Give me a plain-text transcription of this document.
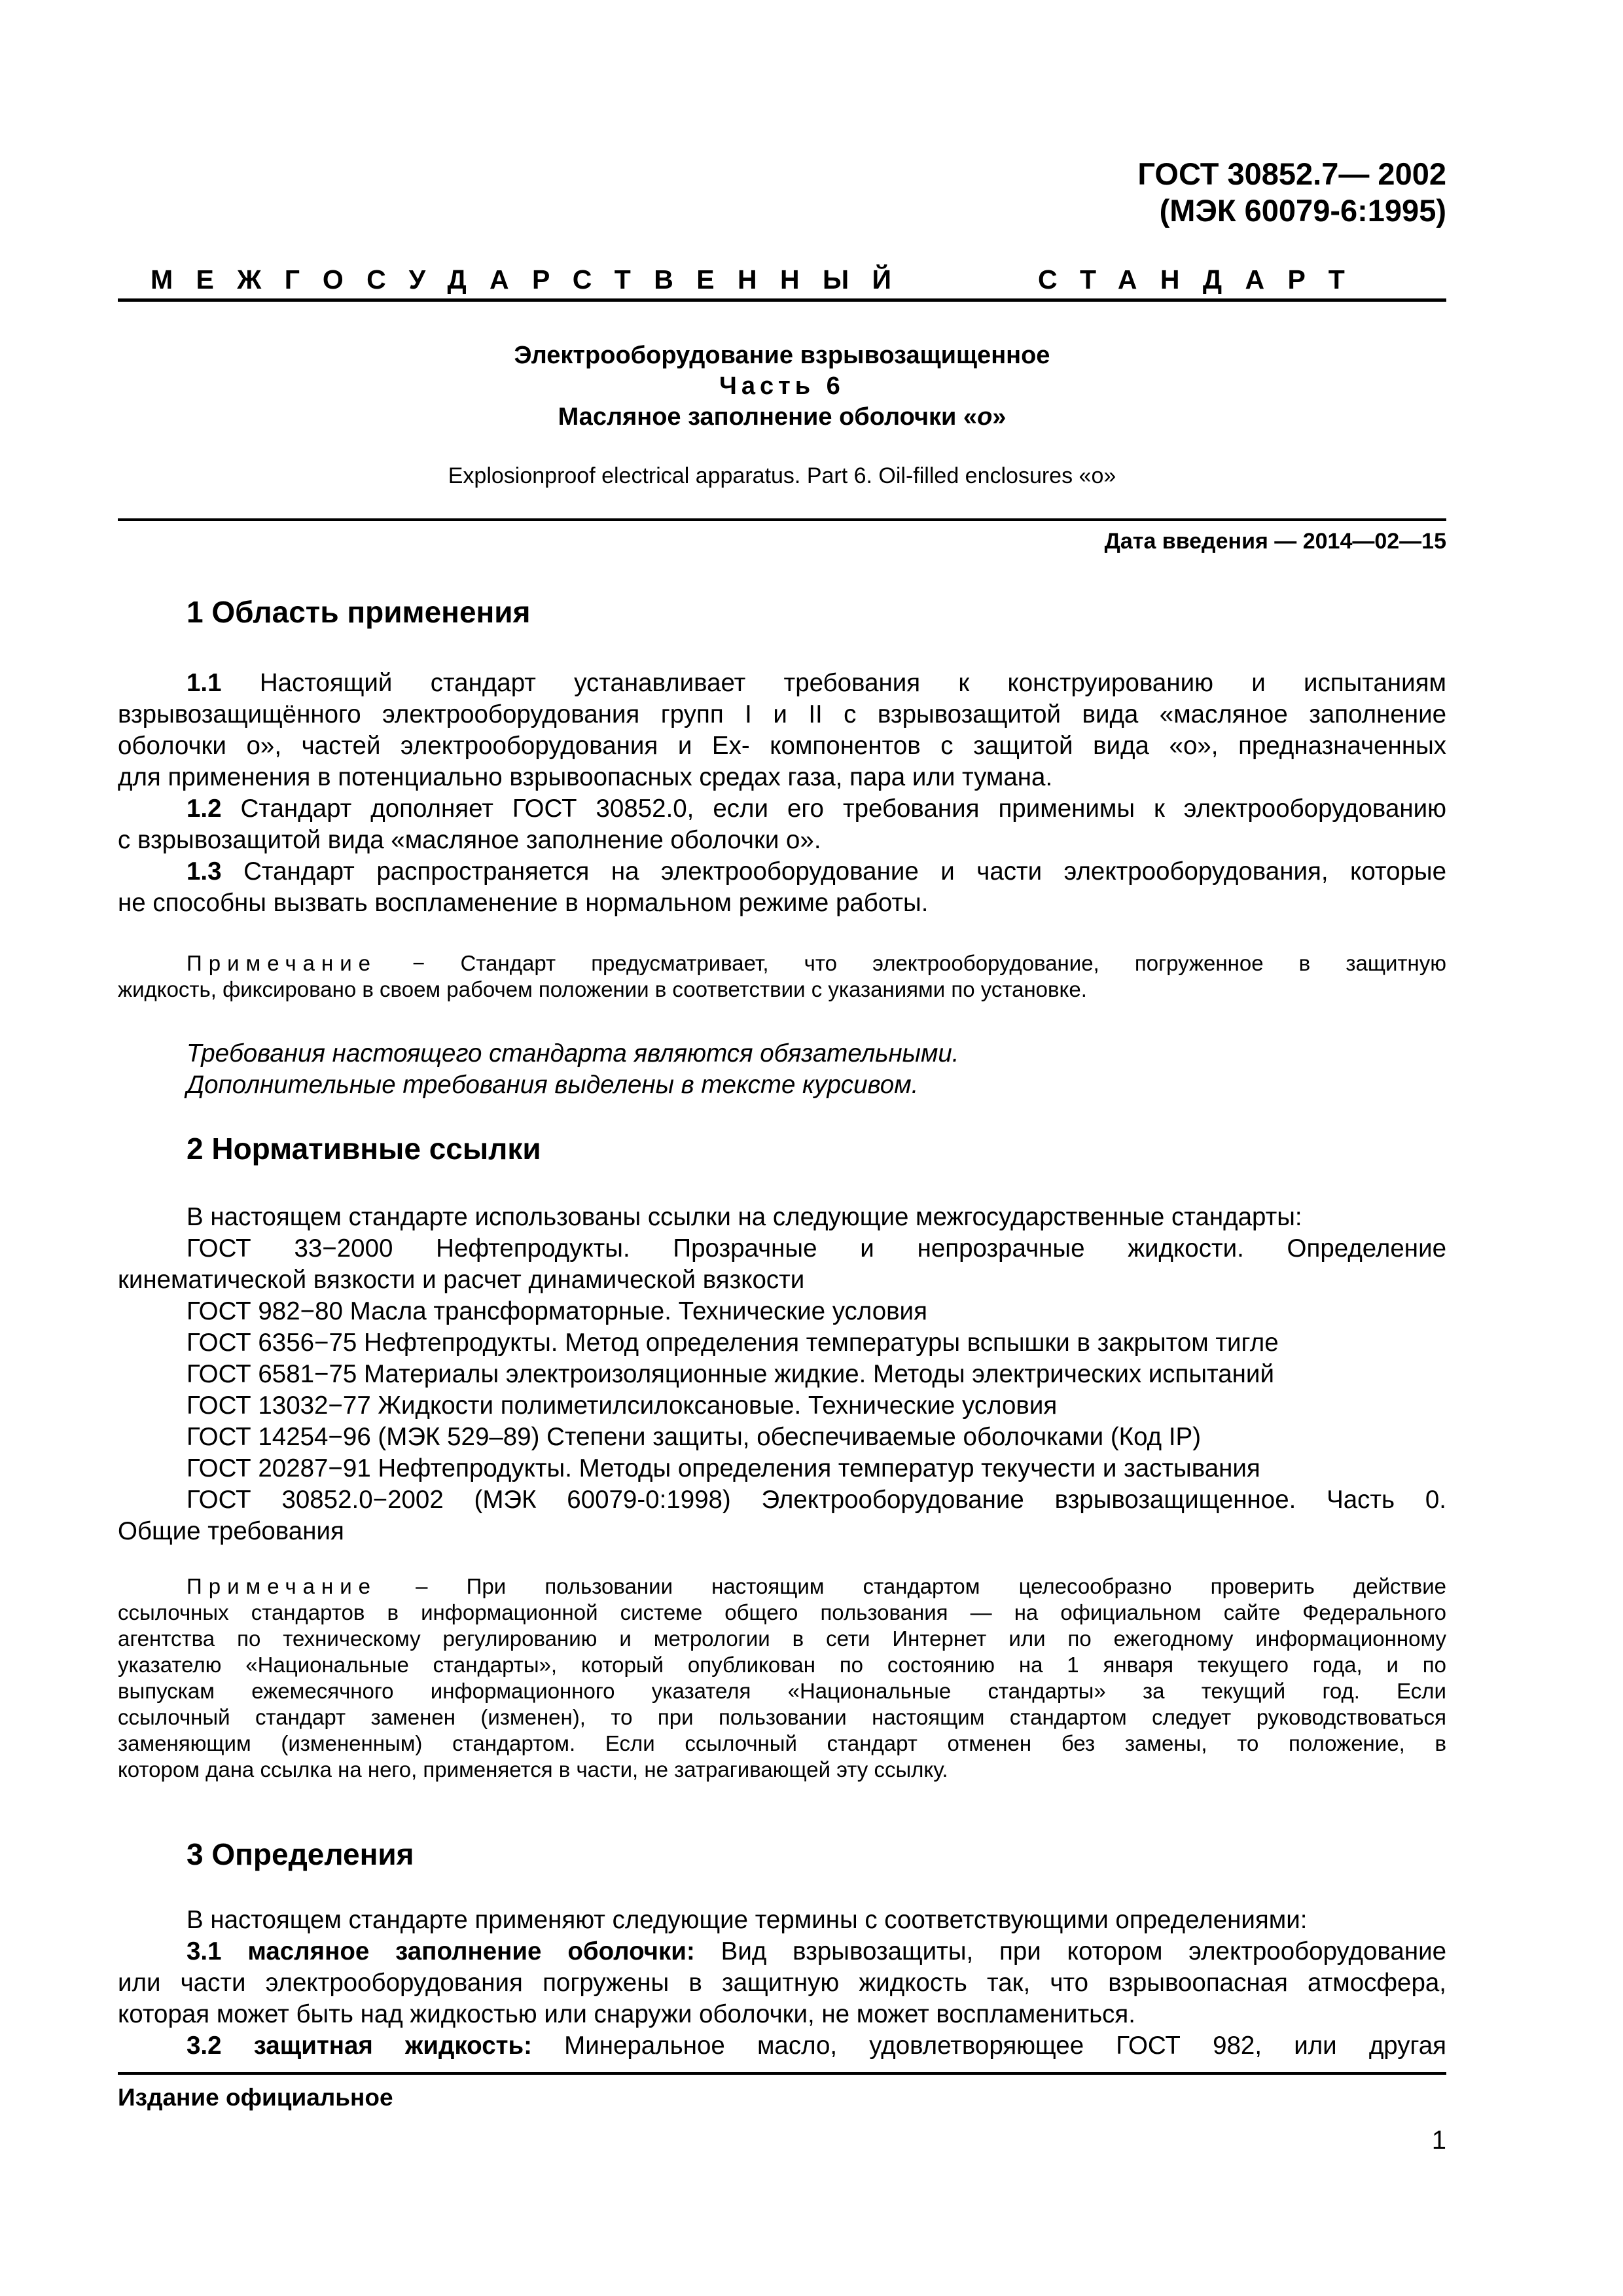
ГОСТ 30852.7— 2002
(МЭК 60079-6:1995)
МЕЖГОСУДАРСТВЕННЫЙ	СТАНДАРТ
Электрооборудование взрывозащищенное
Часть 6
Масляное заполнение оболочки «о»
Explosionproof electrical apparatus. Part 6. Oil-filled enclosures «o»
Дата введения — 2014—02—15
1 Область применения
1.1 Настоящий стандарт устанавливает требования к конструированию и испытаниям
взрывозащищённого электрооборудования групп I и II с взрывозащитой вида «масляное заполнение
оболочки о», частей электрооборудования и Ex- компонентов с защитой вида «о», предназначенных
для применения в потенциально взрывоопасных средах газа, пара или тумана.
1.2 Стандарт дополняет ГОСТ 30852.0, если его требования применимы к электрооборудованию
с взрывозащитой вида «масляное заполнение оболочки о».
1.3 Стандарт распространяется на электрооборудование и части электрооборудования, которые
не способны вызвать воспламенение в нормальном режиме работы.
Примечание − Стандарт предусматривает, что электрооборудование, погруженное в защитную
жидкость, фиксировано в своем рабочем положении в соответствии с указаниями по установке.
Требования настоящего стандарта являются обязательными.
Дополнительные требования выделены в тексте курсивом.
2 Нормативные ссылки
В настоящем стандарте использованы ссылки на следующие межгосударственные стандарты:
ГОСТ 33−2000 Нефтепродукты. Прозрачные и непрозрачные жидкости. Определение
кинематической вязкости и расчет динамической вязкости
ГОСТ 982−80 Масла трансформаторные. Технические условия
ГОСТ 6356−75 Нефтепродукты. Метод определения температуры вспышки в закрытом тигле
ГОСТ 6581−75 Материалы электроизоляционные жидкие. Методы электрических испытаний
ГОСТ 13032−77 Жидкости полиметилсилоксановые. Технические условия
ГОСТ 14254−96 (МЭК 529–89) Степени защиты, обеспечиваемые оболочками (Код IP)
ГОСТ 20287−91 Нефтепродукты. Методы определения температур текучести и застывания
ГОСТ 30852.0−2002 (МЭК 60079-0:1998) Электрооборудование взрывозащищенное. Часть 0.
Общие требования
Примечание – При пользовании настоящим стандартом целесообразно проверить действие
ссылочных стандартов в информационной системе общего пользования — на официальном сайте Федерального
агентства по техническому регулированию и метрологии в сети Интернет или по ежегодному информационному
указателю «Национальные стандарты», который опубликован по состоянию на 1 января текущего года, и по
выпускам ежемесячного информационного указателя «Национальные стандарты» за текущий год. Если
ссылочный стандарт заменен (изменен), то при пользовании настоящим стандартом следует руководствоваться
заменяющим (измененным) стандартом. Если ссылочный стандарт отменен без замены, то положение, в
котором дана ссылка на него, применяется в части, не затрагивающей эту ссылку.
3 Определения
В настоящем стандарте применяют следующие термины с соответствующими определениями:
3.1 масляное заполнение оболочки: Вид взрывозащиты, при котором электрооборудование
или части электрооборудования погружены в защитную жидкость так, что взрывоопасная атмосфера,
которая может быть над жидкостью или снаружи оболочки, не может воспламениться.
3.2 защитная жидкость: Минеральное масло, удовлетворяющее ГОСТ 982, или другая
Издание официальное
1
